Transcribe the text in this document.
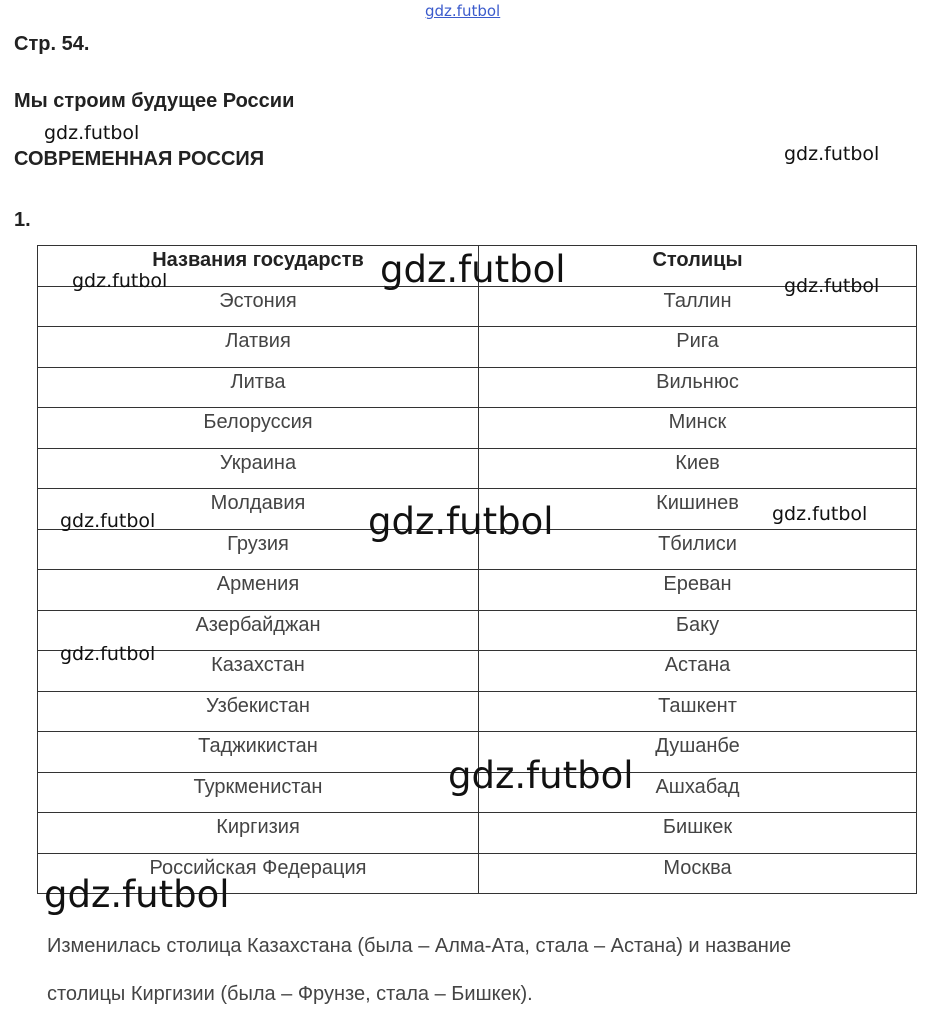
gdz.futbol
Стр. 54.
Мы строим будущее России
СОВРЕМЕННАЯ РОССИЯ
1.
Названия государств	Столицы
Эстония	Таллин
Латвия	Рига
Литва	Вильнюс
Белоруссия	Минск
Украина	Киев
Молдавия	Кишинев
Грузия	Тбилиси
Армения	Ереван
Азербайджан	Баку
Казахстан	Астана
Узбекистан	Ташкент
Таджикистан	Душанбе
Туркменистан	Ашхабад
Киргизия	Бишкек
Российская Федерация	Москва
Изменилась столица Казахстана (была – Алма-Ата, стала – Астана) и название
столицы Киргизии (была – Фрунзе, стала – Бишкек).
gdz.futbol
gdz.futbol
gdz.futbol	gdz.futbol
gdz.futbol
gdz.futbol	gdz.futbol
gdz.futbol
gdz.futbol
gdz.futbol
gdz.futbol
